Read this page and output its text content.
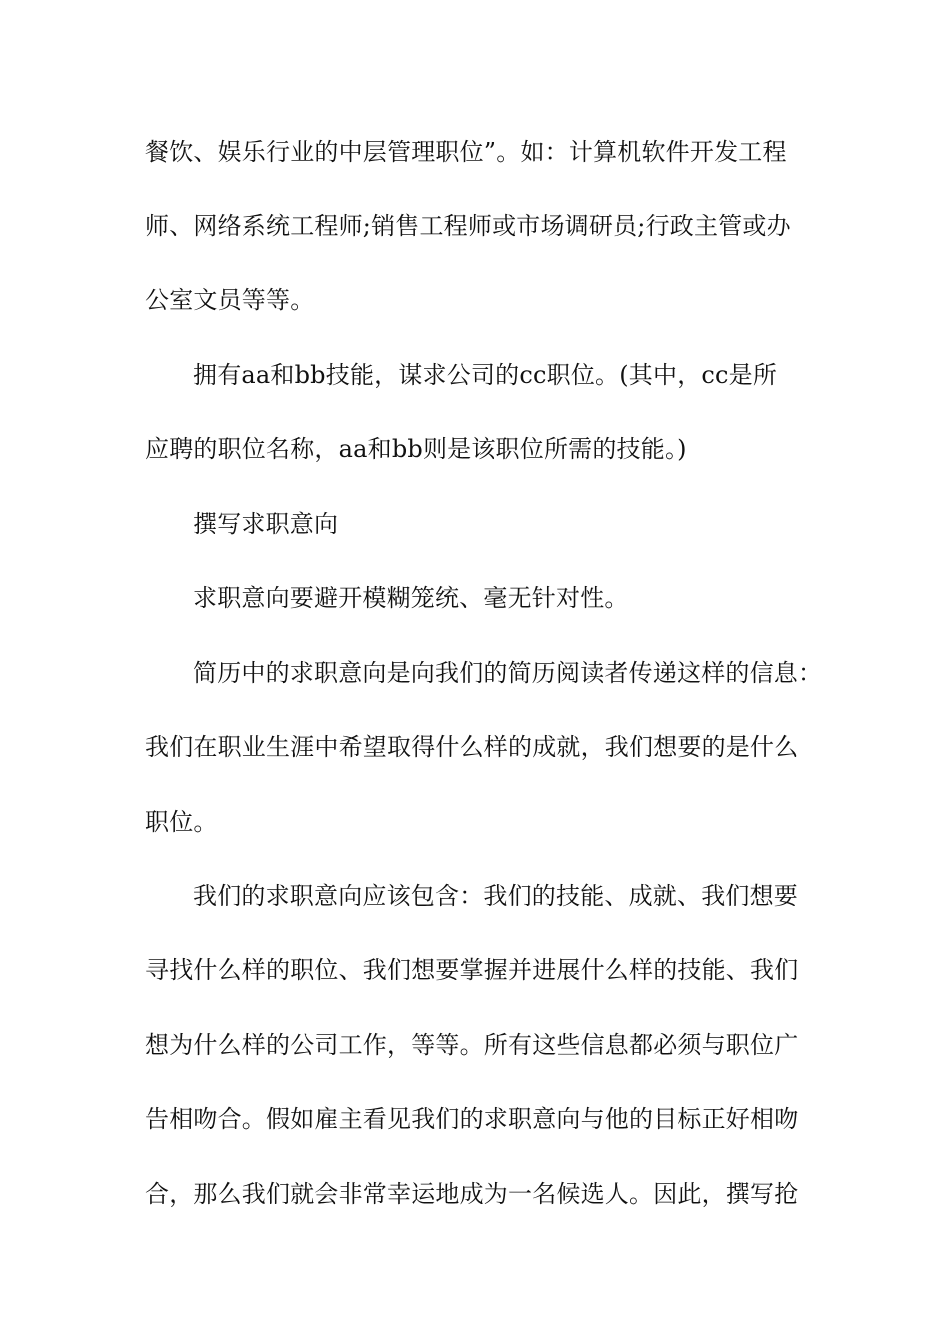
餐饮、娱乐行业的中层管理职位”。如：计算机软件开发工程
师、网络系统工程师;销售工程师或市场调研员;行政主管或办
公室文员等等。
拥有aa和bb技能，谋求公司的cc职位。(其中，cc是所
应聘的职位名称，aa和bb则是该职位所需的技能。)
撰写求职意向
求职意向要避开模糊笼统、毫无针对性。
简历中的求职意向是向我们的简历阅读者传递这样的信息：
我们在职业生涯中希望取得什么样的成就，我们想要的是什么
职位。
我们的求职意向应该包含：我们的技能、成就、我们想要
寻找什么样的职位、我们想要掌握并进展什么样的技能、我们
想为什么样的公司工作，等等。所有这些信息都必须与职位广
告相吻合。假如雇主看见我们的求职意向与他的目标正好相吻
合，那么我们就会非常幸运地成为一名候选人。因此，撰写抢
